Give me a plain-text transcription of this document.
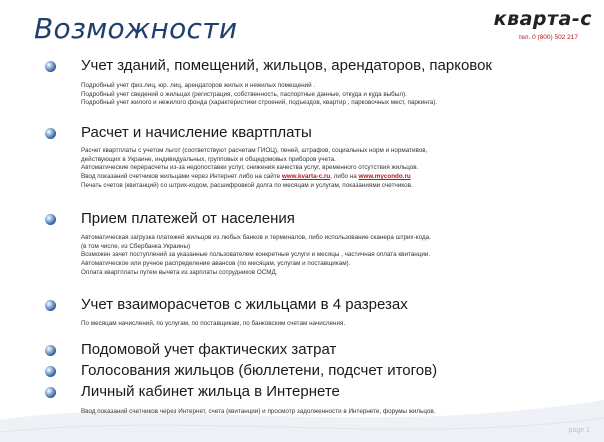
Возможности	кварта-с
тел. 0 (800) 502 217
Учет зданий, помещений, жильцов, арендаторов, парковок
Подробный учет физ.лиц, юр. лиц, арендаторов жилых и нежилых помещений .
Подробный учет сведений о жильцах (регистрация, собственность, паспортные данные, откуда и куда выбыл).
Подробный учет жилого и нежилого фонда (характеристики строений, подъездов, квартир , парковочных мест, паркинга).
Расчет и начисление квартплаты
Расчет квартплаты с учетом льгот (соответствуют расчетам ГИОЦ), пеней, штрафов, социальных норм и нормативов,
действующих в Украине, индивидуальных, групповых и общедомовых приборов учета.
Автоматические перерасчеты из-за недопоставки услуг, снижения качества услуг, временного отсутствия жильцов.
Ввод показаний счетчиков жильцами через Интернет либо на сайте www.kvarta-c.ru, либо на www.mycondo.ru
Печать счетов (квитанций) со штрих-кодом, расшифровкой долга по месяцам и услугам, показаниями счетчиков.
Прием платежей от населения
Автоматическая загрузка платежей жильцов из любых банков и терминалов, либо использование сканера штрих-кода.
(в том числе, из Сбербанка Украины)
Возможен зачет поступлений за указанные пользователем конкретные услуги и месяцы , частичная оплата квитанции.
Автоматическое или ручное распределение авансов (по месяцам, услугам и поставщикам).
Оплата квартплаты путем вычета из зарплаты сотрудников ОСМД.
Учет взаиморасчетов с жильцами в 4 разрезах
По месяцам начислений, по услугам, по поставщикам, по банковским счетам начисления.
Подомовой учет фактических затрат
Голосования жильцов (бюллетени, подсчет итогов)
Личный кабинет жильца в Интернете
Ввод показаний счетчиков через Интернет, счета (квитанции) и просмотр задолженности в Интернете, форумы жильцов.
page 1
